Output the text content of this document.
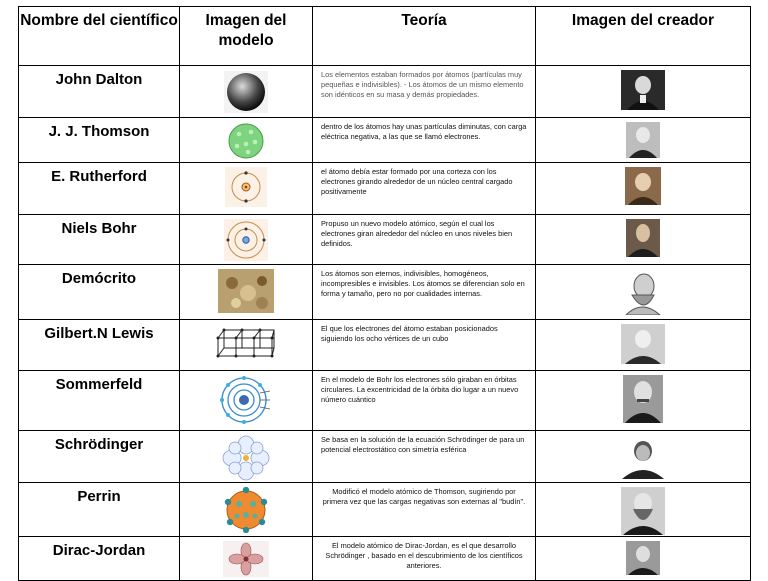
Nombre del científico	Imagen del modelo	Teoría	Imagen del creador
John Dalton		Los elementos estaban formados por átomos (partículas muy pequeñas e indivisibles). - Los átomos de un mismo elemento son idénticos en su masa y demás propiedades.	

J. J. Thomson		dentro de los átomos hay unas partículas diminutas, con carga eléctrica negativa, a las que se llamó electrones.	

E. Rutherford		el átomo debía estar formado por una corteza con los electrones girando alrededor de un núcleo central cargado positivamente	

Niels Bohr		Propuso un nuevo modelo atómico, según el cual los electrones giran alrededor del núcleo en unos niveles bien definidos.	

Demócrito		Los átomos son eternos, indivisibles, homogéneos, incompresibles e invisibles. Los átomos se diferencian solo en forma y tamaño, pero no por cualidades internas.	

Gilbert.N Lewis		El que los electrones del átomo estaban posicionados siguiendo los ocho vértices de un cubo	

Sommerfeld		En el modelo de Bohr los electrones sólo giraban en órbitas circulares. La excentricidad de la órbita dio lugar a un nuevo número cuántico	

Schrödinger		Se basa en la solución de la ecuación Schrödinger de para un potencial electrostático con simetría esférica	

Perrin		Modificó el modelo atómico de Thomson, sugiriendo por primera vez que las cargas negativas son externas al "budín".	

Dirac-Jordan		El modelo atómico de Dirac-Jordan, es el que desarrollo Schrödinger , basado en el descubrimiento de los científicos anteriores.	
